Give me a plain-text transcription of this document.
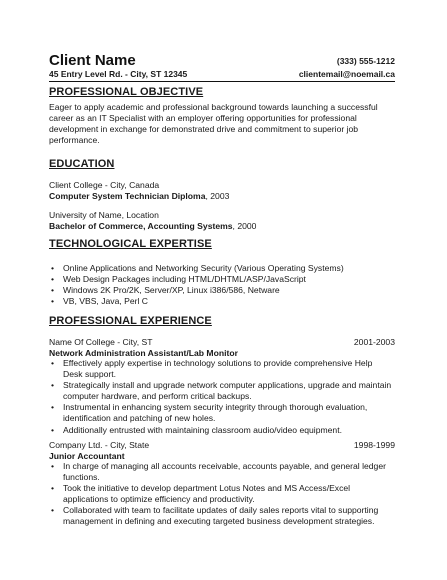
Client Name	(333) 555-1212
45 Entry Level Rd. - City, ST 12345	clientemail@noemail.ca
PROFESSIONAL OBJECTIVE
Eager to apply academic and professional background towards launching a successful career as an IT Specialist with an employer offering opportunities for professional development in exchange for demonstrated drive and commitment to superior job performance.
EDUCATION
Client College - City, Canada
Computer System Technician Diploma, 2003
University of Name, Location
Bachelor of Commerce, Accounting Systems, 2000
TECHNOLOGICAL EXPERTISE
• Online Applications and Networking Security (Various Operating Systems)
• Web Design Packages including HTML/DHTML/ASP/JavaScript
• Windows 2K Pro/2K, Server/XP, Linux i386/586, Netware
• VB, VBS, Java, Perl C
PROFESSIONAL EXPERIENCE
Name Of College - City, ST	2001-2003
Network Administration Assistant/Lab Monitor
• Effectively apply expertise in technology solutions to provide comprehensive Help Desk support.
• Strategically install and upgrade network computer applications, upgrade and maintain computer hardware, and perform critical backups.
• Instrumental in enhancing system security integrity through thorough evaluation, identification and patching of new holes.
• Additionally entrusted with maintaining classroom audio/video equipment.
Company Ltd. - City, State	1998-1999
Junior Accountant
• In charge of managing all accounts receivable, accounts payable, and general ledger functions.
• Took the initiative to develop department Lotus Notes and MS Access/Excel applications to optimize efficiency and productivity.
• Collaborated with team to facilitate updates of daily sales reports vital to supporting management in defining and executing targeted business development strategies.
